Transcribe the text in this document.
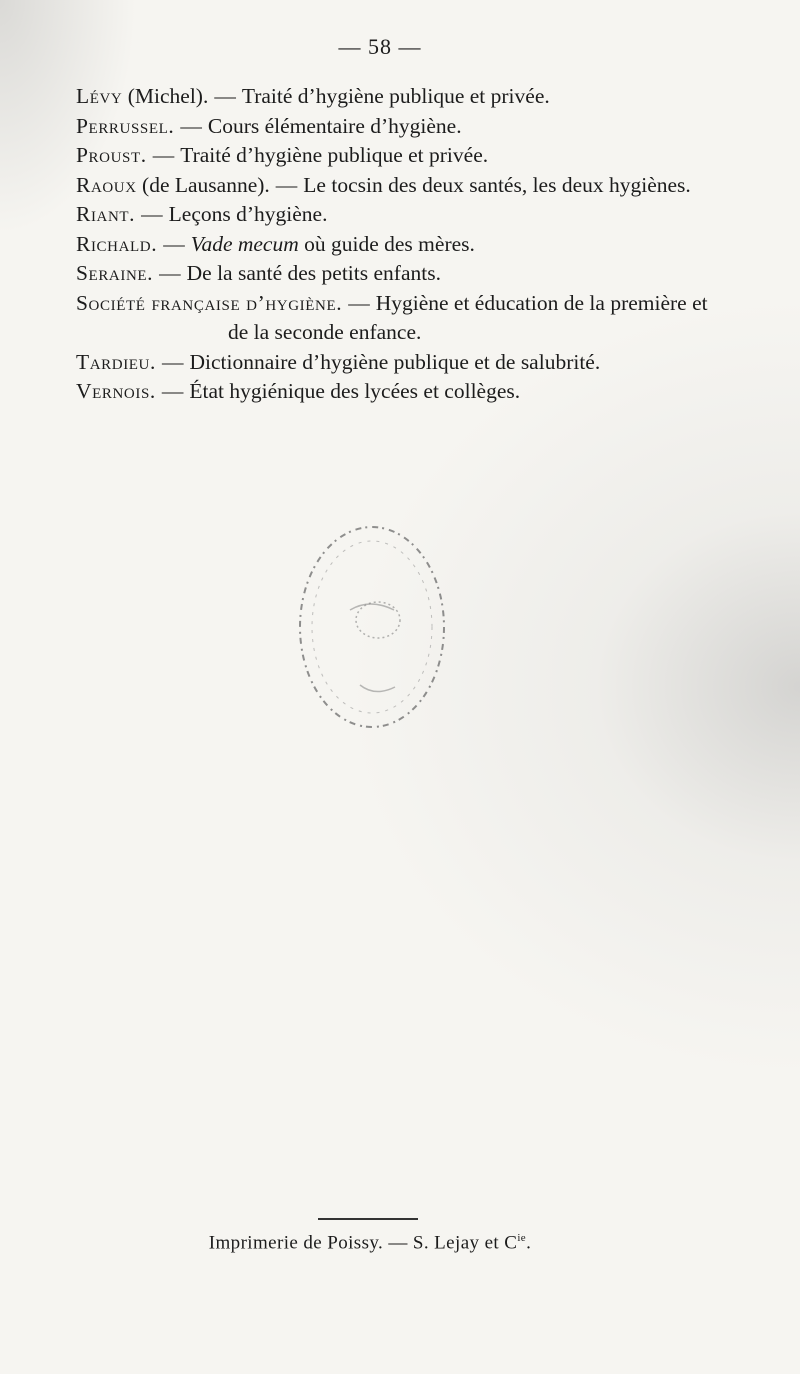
— 58 —

Lévy (Michel). — Traité d’hygiène publique et privée.

Perrussel. — Cours élémentaire d’hygiène.

Proust. — Traité d’hygiène publique et privée.

Raoux (de Lausanne). — Le tocsin des deux santés, les deux hygiènes.

Riant. — Leçons d’hygiène.

Richald. — Vade mecum où guide des mères.

Seraine. — De la santé des petits enfants.

Société française d’hygiène. — Hygiène et éducation de la première et de la seconde enfance.

Tardieu. — Dictionnaire d’hygiène publique et de salubrité.

Vernois. — État hygiénique des lycées et collèges.

Imprimerie de Poissy. — S. Lejay et $C^{ie}$.
